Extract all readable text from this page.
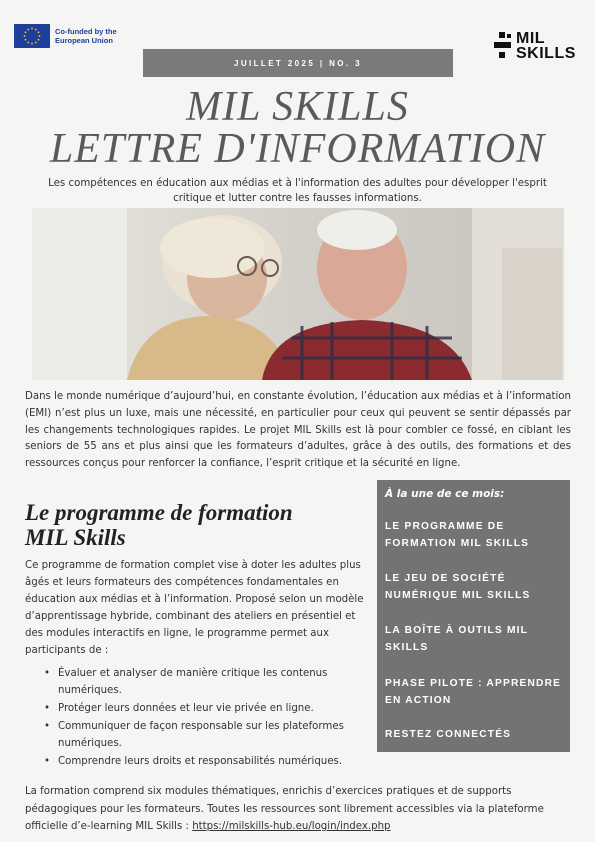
Co-funded by the European Union	MIL
SKILLS
JUILLET 2025 | NO. 3
MIL SKILLS
LETTRE D'INFORMATION
Les compétences en éducation aux médias et à l'information des adultes pour développer l'esprit critique et lutter contre les fausses informations.
Dans le monde numérique d’aujourd’hui, en constante évolution, l’éducation aux médias et à l’information (EMI) n’est plus un luxe, mais une nécessité, en particulier pour ceux qui peuvent se sentir dépassés par les changements technologiques rapides. Le projet MIL Skills est là pour combler ce fossé, en ciblant les seniors de 55 ans et plus ainsi que les formateurs d’adultes, grâce à des outils, des formations et des ressources conçus pour renforcer la confiance, l’esprit critique et la sécurité en ligne.
Le programme de formation
MIL Skills
Ce programme de formation complet vise à doter les adultes plus âgés et leurs formateurs des compétences fondamentales en éducation aux médias et à l’information. Proposé selon un modèle d’apprentissage hybride, combinant des ateliers en présentiel et des modules interactifs en ligne, le programme permet aux participants de :
• Évaluer et analyser de manière critique les contenus numériques.
• Protéger leurs données et leur vie privée en ligne.
• Communiquer de façon responsable sur les plateformes numériques.
• Comprendre leurs droits et responsabilités numériques.
À la une de ce mois:
LE PROGRAMME DE FORMATION MIL SKILLS
LE JEU DE SOCIÉTÉ NUMÉRIQUE MIL SKILLS
LA BOÎTE À OUTILS MIL SKILLS
PHASE PILOTE : APPRENDRE EN ACTION
RESTEZ CONNECTÉS
La formation comprend six modules thématiques, enrichis d’exercices pratiques et de supports pédagogiques pour les formateurs. Toutes les ressources sont librement accessibles via la plateforme officielle d’e-learning MIL Skills : https://milskills-hub.eu/login/index.php
